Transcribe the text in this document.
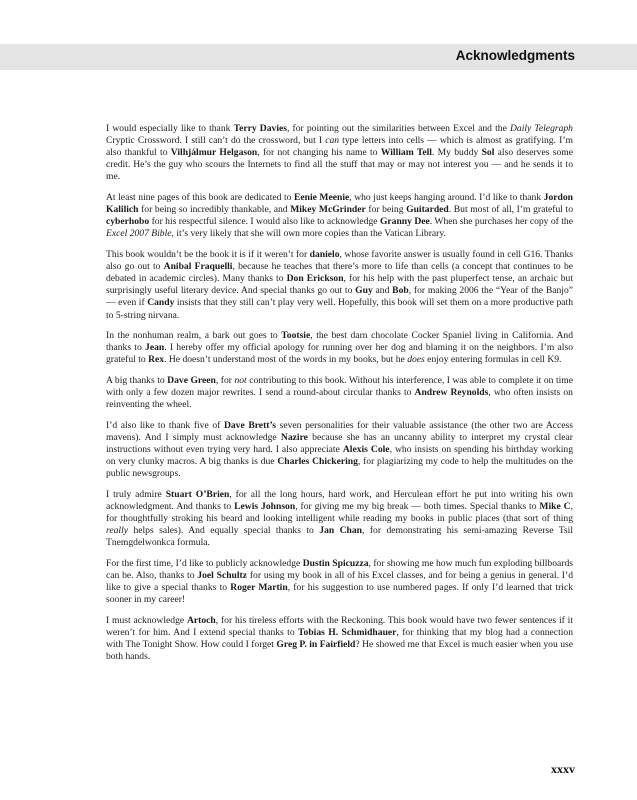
Acknowledgments

I would especially like to thank Terry Davies, for pointing out the similarities between Excel and the Daily Telegraph Cryptic Crossword. I still can’t do the crossword, but I can type letters into cells — which is almost as gratifying. I’m also thankful to Vilhjálmur Helgason, for not changing his name to William Tell. My buddy Sol also deserves some credit. He’s the guy who scours the Internets to find all the stuff that may or may not interest you — and he sends it to me.

At least nine pages of this book are dedicated to Eenie Meenie, who just keeps hanging around. I’d like to thank Jordon Kalilich for being so incredibly thankable, and Mikey McGrinder for being Guitarded. But most of all, I’m grateful to cyberhobo for his respectful silence. I would also like to acknowledge Granny Dee. When she purchases her copy of the Excel 2007 Bible, it’s very likely that she will own more copies than the Vatican Library.

This book wouldn’t be the book it is if it weren’t for danielo, whose favorite answer is usually found in cell G16. Thanks also go out to Anibal Fraquelli, because he teaches that there’s more to life than cells (a concept that continues to be debated in academic circles). Many thanks to Don Erickson, for his help with the past pluperfect tense, an archaic but surprisingly useful literary device. And special thanks go out to Guy and Bob, for making 2006 the “Year of the Banjo” — even if Candy insists that they still can’t play very well. Hopefully, this book will set them on a more productive path to 5-string nirvana.

In the nonhuman realm, a bark out goes to Tootsie, the best darn chocolate Cocker Spaniel living in California. And thanks to Jean. I hereby offer my official apology for running over her dog and blaming it on the neighbors. I’m also grateful to Rex. He doesn’t understand most of the words in my books, but he does enjoy entering formulas in cell K9.

A big thanks to Dave Green, for not contributing to this book. Without his interference, I was able to complete it on time with only a few dozen major rewrites. I send a round-about circular thanks to Andrew Reynolds, who often insists on reinventing the wheel.

I’d also like to thank five of Dave Brett’s seven personalities for their valuable assistance (the other two are Access mavens). And I simply must acknowledge Nazire because she has an uncanny ability to interpret my crystal clear instructions without even trying very hard. I also appreciate Alexis Cole, who insists on spending his birthday working on very clunky macros. A big thanks is due Charles Chickering, for plagiarizing my code to help the multitudes on the public newsgroups.

I truly admire Stuart O’Brien, for all the long hours, hard work, and Herculean effort he put into writing his own acknowledgment. And thanks to Lewis Johnson, for giving me my big break — both times. Special thanks to Mike C, for thoughtfully stroking his beard and looking intelligent while reading my books in public places (that sort of thing really helps sales). And equally special thanks to Jan Chan, for demonstrating his semi-amazing Reverse Tsil Tnemgdelwonkca formula.

For the first time, I’d like to publicly acknowledge Dustin Spicuzza, for showing me how much fun exploding billboards can be. Also, thanks to Joel Schultz for using my book in all of his Excel classes, and for being a genius in general. I’d like to give a special thanks to Roger Martin, for his suggestion to use numbered pages. If only I’d learned that trick sooner in my career!

I must acknowledge Artoch, for his tireless efforts with the Reckoning. This book would have two fewer sentences if it weren’t for him. And I extend special thanks to Tobias H. Schmidhauer, for thinking that my blog had a connection with The Tonight Show. How could I forget Greg P. in Fairfield? He showed me that Excel is much easier when you use both hands.

xxxv
